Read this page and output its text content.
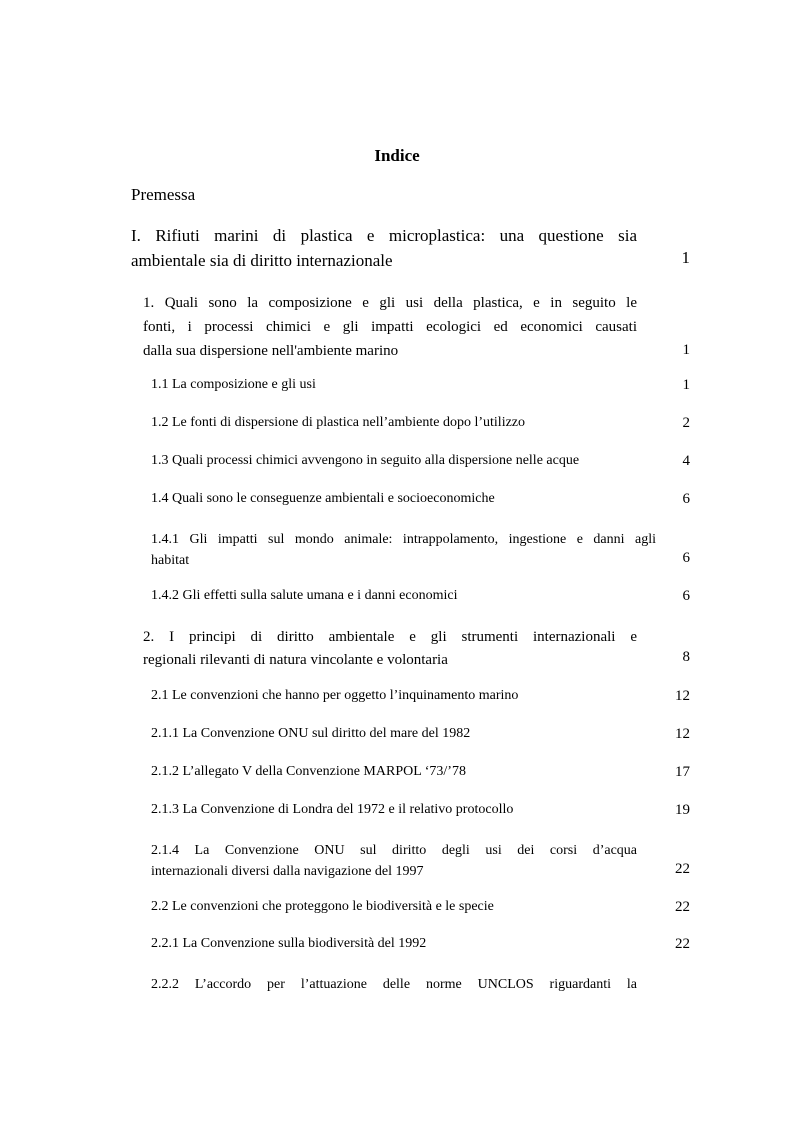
Indice
Premessa
I. Rifiuti marini di plastica e microplastica: una questione sia
ambientale sia di diritto internazionale	1
1. Quali sono la composizione e gli usi della plastica, e in seguito le
fonti, i processi chimici e gli impatti ecologici ed economici causati
dalla sua dispersione nell'ambiente marino	1
1.1 La composizione e gli usi	1
1.2 Le fonti di dispersione di plastica nell’ambiente dopo l’utilizzo	2
1.3 Quali processi chimici avvengono in seguito alla dispersione nelle acque	4
1.4 Quali sono le conseguenze ambientali e socioeconomiche	6
1.4.1 Gli impatti sul mondo animale: intrappolamento, ingestione e danni agli
habitat	6
1.4.2 Gli effetti sulla salute umana e i danni economici	6
2. I principi di diritto ambientale e gli strumenti internazionali e
regionali rilevanti di natura vincolante e volontaria	8
2.1 Le convenzioni che hanno per oggetto l’inquinamento marino	12
2.1.1 La Convenzione ONU sul diritto del mare del 1982	12
2.1.2 L’allegato V della Convenzione MARPOL ‘73/’78	17
2.1.3 La Convenzione di Londra del 1972 e il relativo protocollo	19
2.1.4 La Convenzione ONU sul diritto degli usi dei corsi d’acqua
internazionali diversi dalla navigazione del 1997	22
2.2 Le convenzioni che proteggono le biodiversità e le specie	22
2.2.1 La Convenzione sulla biodiversità del 1992	22
2.2.2 L’accordo per l’attuazione delle norme UNCLOS riguardanti la
